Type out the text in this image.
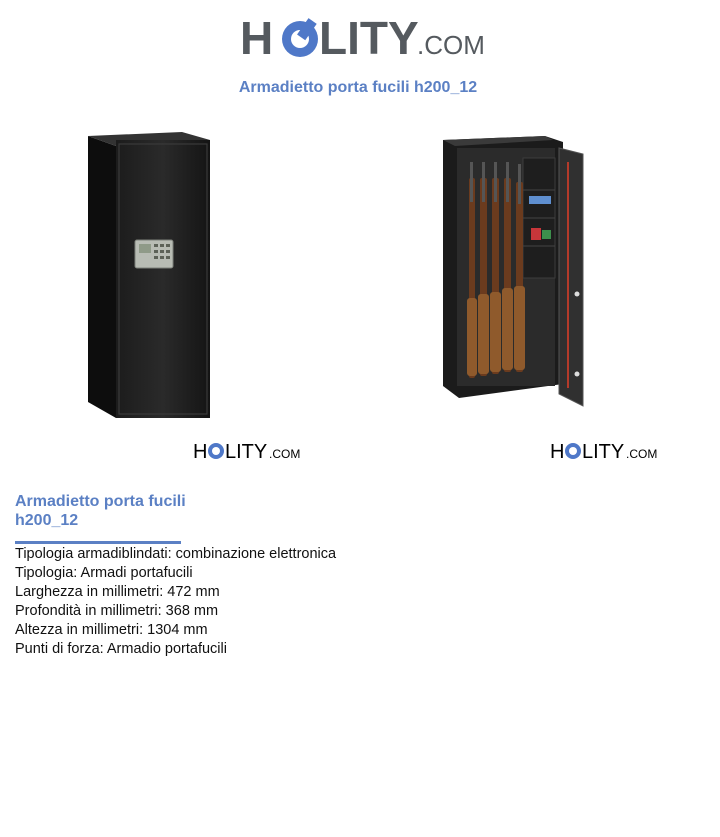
H LITY
.COM
Armadietto porta fucili h200_12
H LITY .COM	H LITY .COM
Armadietto porta fucili
h200_12
Tipologia armadiblindati: combinazione elettronica
Tipologia: Armadi portafucili
Larghezza in millimetri: 472 mm
Profondità in millimetri: 368 mm
Altezza in millimetri: 1304 mm
Punti di forza: Armadio portafucili
